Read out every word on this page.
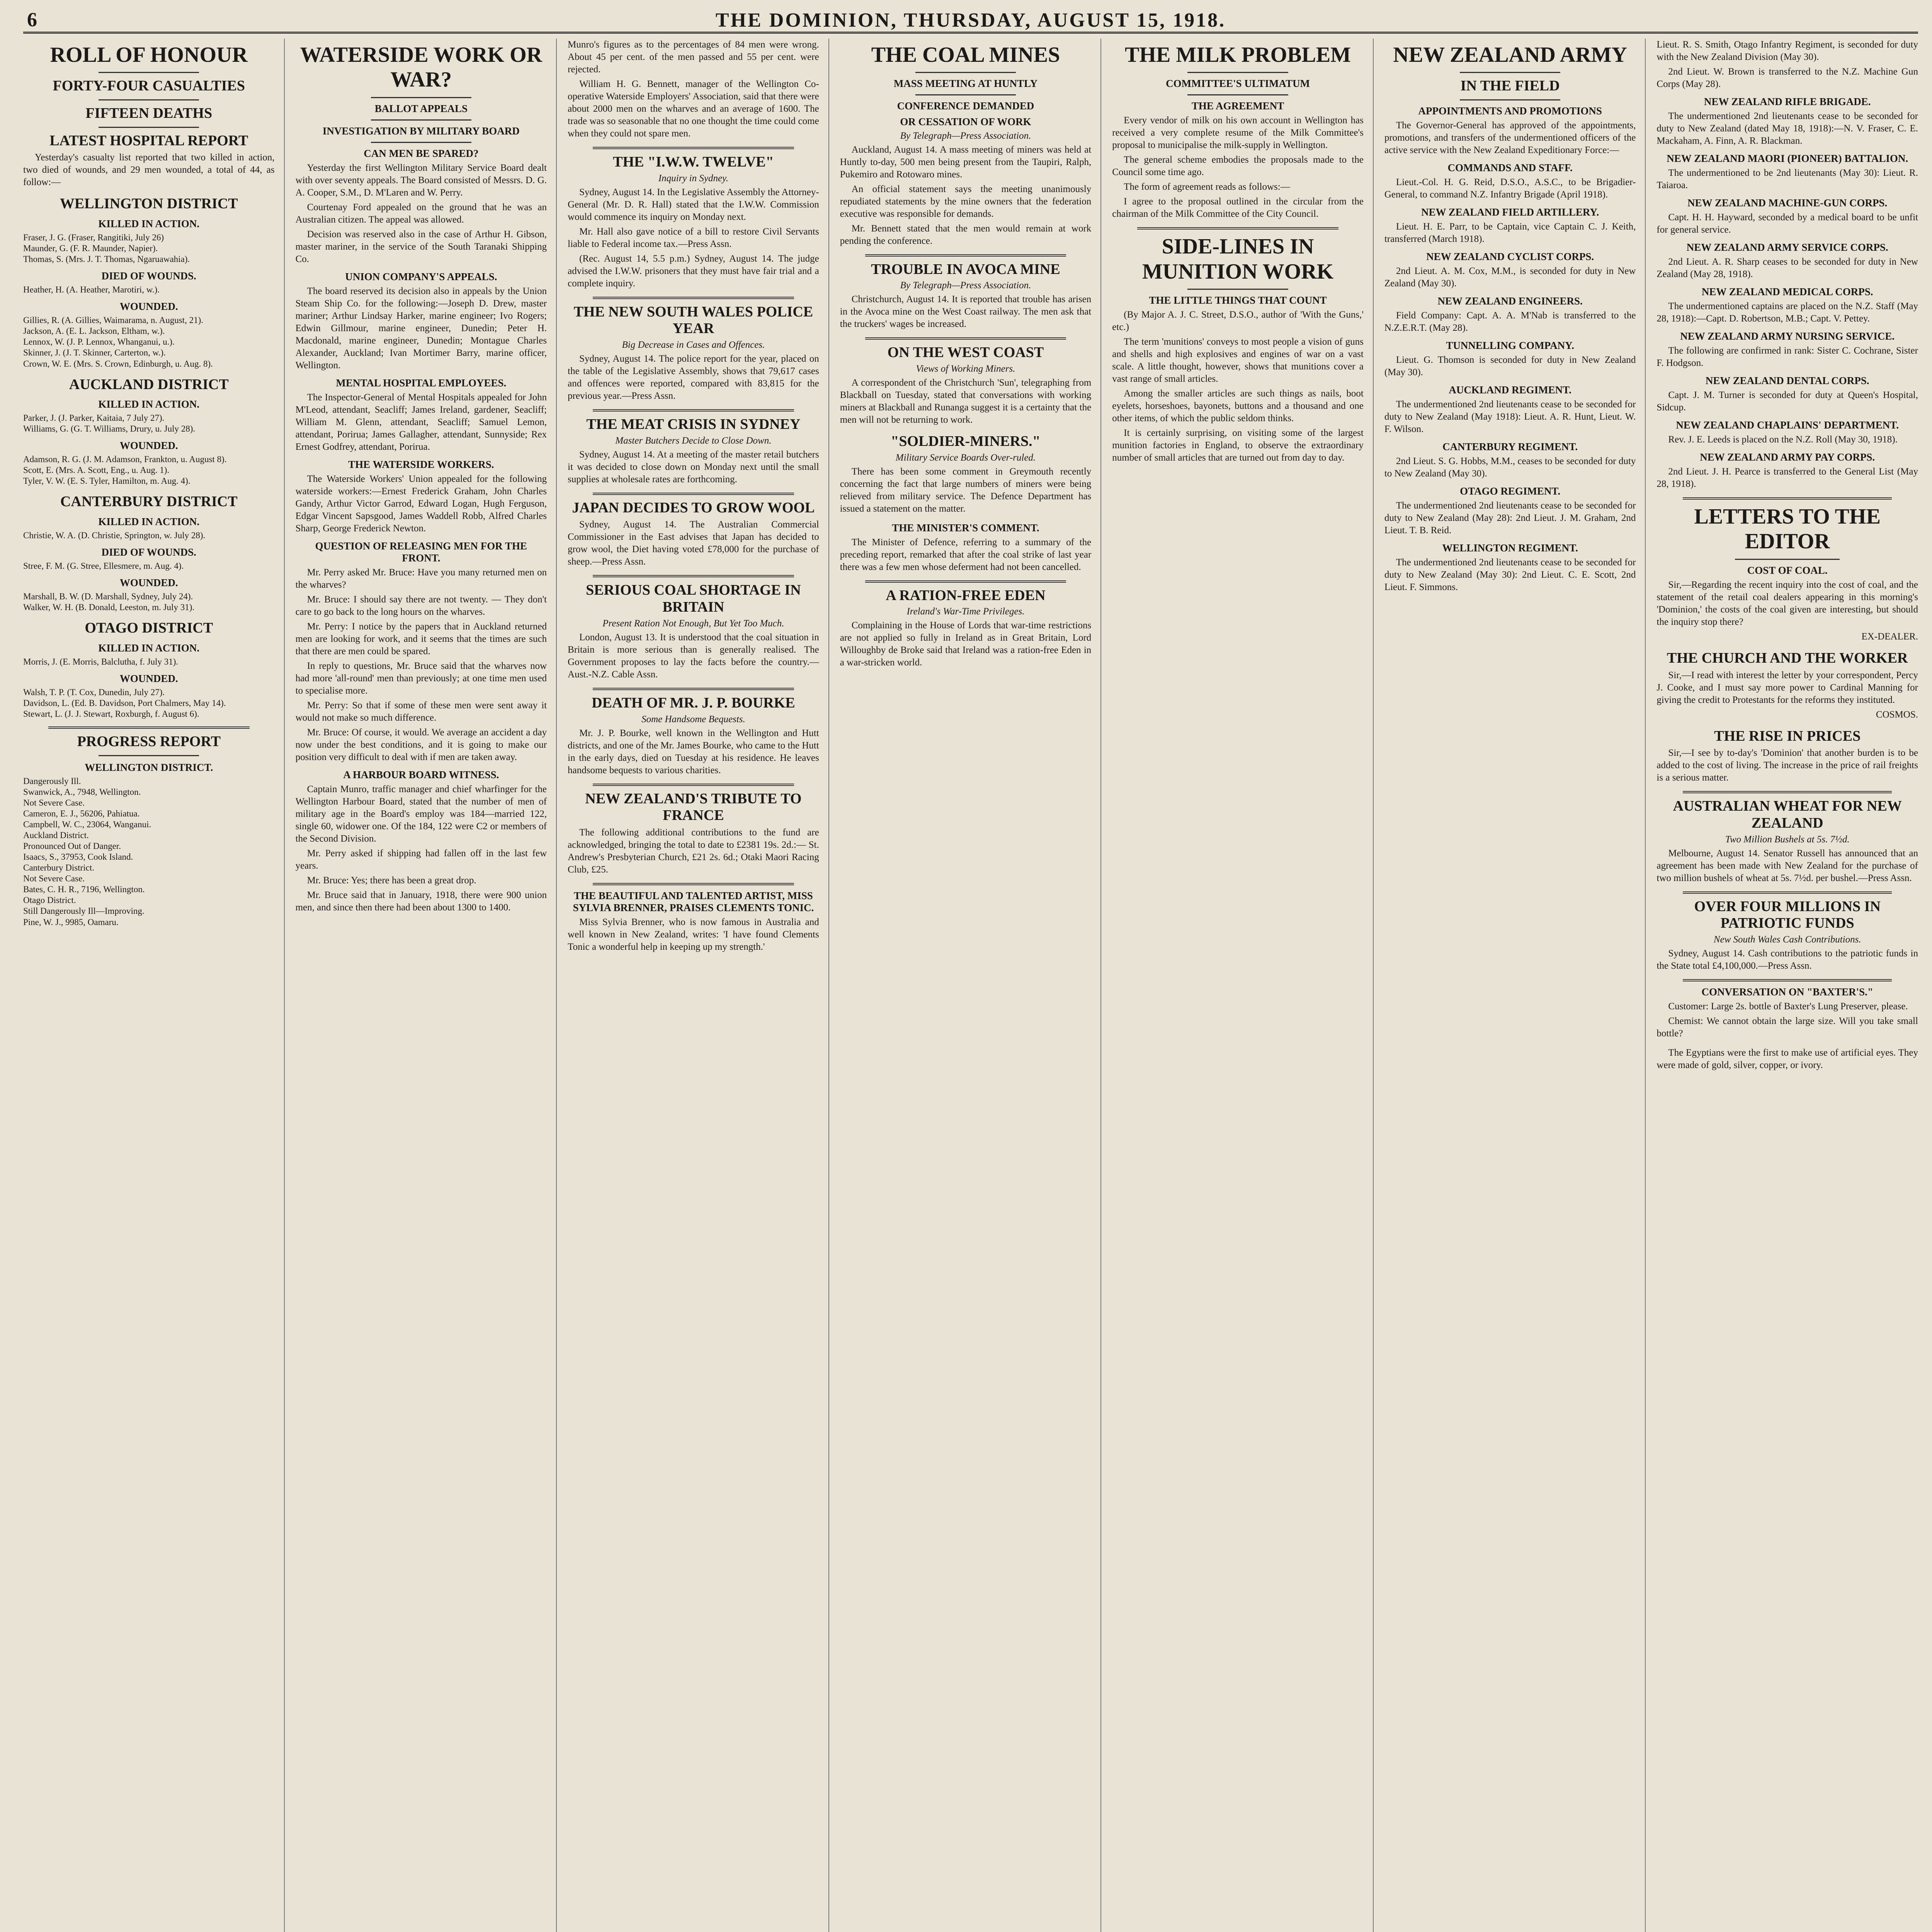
6	THE DOMINION, THURSDAY, AUGUST 15, 1918.
ROLL OF HONOUR
FORTY-FOUR CASUALTIES
FIFTEEN DEATHS
LATEST HOSPITAL REPORT

Yesterday's casualty list reported that two killed in action, two died of wounds, and 29 men wounded, a total of 44, as follow:—

WELLINGTON DISTRICT
KILLED IN ACTION.
Fraser, J. G. (Fraser, Rangitiki, July 26)
Maunder, G. (F. R. Maunder, Napier).
Thomas, S. (Mrs. J. T. Thomas, Ngaruawahia).
DIED OF WOUNDS.
Heather, H. (A. Heather, Marotiri, w.).
WOUNDED.
Gillies, R. (A. Gillies, Waimarama, n. August, 21).
Jackson, A. (E. L. Jackson, Eltham, w.).
Lennox, W. (J. P. Lennox, Whanganui, u.).
Skinner, J. (J. T. Skinner, Carterton, w.).
Crown, W. E. (Mrs. S. Crown, Edinburgh, u. Aug. 8).
AUCKLAND DISTRICT
KILLED IN ACTION.
Parker, J. (J. Parker, Kaitaia, 7 July 27).
Williams, G. (G. T. Williams, Drury, u. July 28).
WOUNDED.
Adamson, R. G. (J. M. Adamson, Frankton, u. August 8).
Scott, E. (Mrs. A. Scott, Eng., u. Aug. 1).
Tyler, V. W. (E. S. Tyler, Hamilton, m. Aug. 4).
CANTERBURY DISTRICT
KILLED IN ACTION.
Christie, W. A. (D. Christie, Springton, w. July 28).
DIED OF WOUNDS.
Stree, F. M. (G. Stree, Ellesmere, m. Aug. 4).
WOUNDED.
Marshall, B. W. (D. Marshall, Sydney, July 24).
Walker, W. H. (B. Donald, Leeston, m. July 31).
OTAGO DISTRICT
KILLED IN ACTION.
Morris, J. (E. Morris, Balclutha, f. July 31).
WOUNDED.
Walsh, T. P. (T. Cox, Dunedin, July 27).
Davidson, L. (Ed. B. Davidson, Port Chalmers, May 14).
Stewart, L. (J. J. Stewart, Roxburgh, f. August 6).
PROGRESS REPORT
WELLINGTON DISTRICT.
Dangerously Ill.
Swanwick, A., 7948, Wellington.
Not Severe Case.
Cameron, E. J., 56206, Pahiatua.
Campbell, W. C., 23064, Wanganui.
Auckland District.
Pronounced Out of Danger.
Isaacs, S., 37953, Cook Island.
Canterbury District.
Not Severe Case.
Bates, C. H. R., 7196, Wellington.
Otago District.
Still Dangerously Ill—Improving.
Pine, W. J., 9985, Oamaru.
WATERSIDE WORK OR WAR?
BALLOT APPEALS
INVESTIGATION BY MILITARY BOARD
CAN MEN BE SPARED?

Yesterday the first Wellington Military Service Board dealt with over seventy appeals. The Board consisted of Messrs. D. G. A. Cooper, S.M., D. M'Laren and W. Perry.

Courtenay Ford appealed on the ground that he was an Australian citizen. The appeal was allowed.

Decision was reserved also in the case of Arthur H. Gibson, master mariner, in the service of the South Taranaki Shipping Co.

UNION COMPANY'S APPEALS.

The board reserved its decision also in appeals by the Union Steam Ship Co. for the following:—Joseph D. Drew, master mariner; Arthur Lindsay Harker, marine engineer; Ivo Rogers; Edwin Gillmour, marine engineer, Dunedin; Peter H. Macdonald, marine engineer, Dunedin; Montague Charles Alexander, Auckland; Ivan Mortimer Barry, marine officer, Wellington.

MENTAL HOSPITAL EMPLOYEES.

The Inspector-General of Mental Hospitals appealed for John M'Leod, attendant, Seacliff; James Ireland, gardener, Seacliff; William M. Glenn, attendant, Seacliff; Samuel Lemon, attendant, Porirua; James Gallagher, attendant, Sunnyside; Rex Ernest Godfrey, attendant, Porirua.

THE WATERSIDE WORKERS.

The Waterside Workers' Union appealed for the following waterside workers:—Ernest Frederick Graham, John Charles Gandy, Arthur Victor Garrod, Edward Logan, Hugh Ferguson, Edgar Vincent Sapsgood, James Waddell Robb, Alfred Charles Sharp, George Frederick Newton.

QUESTION OF RELEASING MEN FOR THE FRONT.

Mr. Perry asked Mr. Bruce: Have you many returned men on the wharves?

Mr. Bruce: I should say there are not twenty. — They don't care to go back to the long hours on the wharves.

Mr. Perry: I notice by the papers that in Auckland returned men are looking for work, and it seems that the times are such that there are men could be spared.

In reply to questions, Mr. Bruce said that the wharves now had more 'all-round' men than previously; at one time men used to specialise more.

Mr. Perry: So that if some of these men were sent away it would not make so much difference.

Mr. Bruce: Of course, it would. We average an accident a day now under the best conditions, and it is going to make our position very difficult to deal with if men are taken away.

A HARBOUR BOARD WITNESS.

Captain Munro, traffic manager and chief wharfinger for the Wellington Harbour Board, stated that the number of men of military age in the Board's employ was 184—married 122, single 60, widower one. Of the 184, 122 were C2 or members of the Second Division.

Mr. Perry asked if shipping had fallen off in the last few years.

Mr. Bruce: Yes; there has been a great drop.

Mr. Bruce said that in January, 1918, there were 900 union men, and since then there had been about 1300 to 1400.

Munro's figures as to the percentages of 84 men were wrong. About 45 per cent. of the men passed and 55 per cent. were rejected.

William H. G. Bennett, manager of the Wellington Co-operative Waterside Employers' Association, said that there were about 2000 men on the wharves and an average of 1600. The trade was so seasonable that no one thought the time could come when they could not spare men.

THE "I.W.W. TWELVE"
Inquiry in Sydney.

Sydney, August 14. In the Legislative Assembly the Attorney-General (Mr. D. R. Hall) stated that the I.W.W. Commission would commence its inquiry on Monday next.

Mr. Hall also gave notice of a bill to restore Civil Servants liable to Federal income tax.—Press Assn.

(Rec. August 14, 5.5 p.m.) Sydney, August 14. The judge advised the I.W.W. prisoners that they must have fair trial and a complete inquiry.

THE NEW SOUTH WALES POLICE YEAR
Big Decrease in Cases and Offences.

Sydney, August 14. The police report for the year, placed on the table of the Legislative Assembly, shows that 79,617 cases and offences were reported, compared with 83,815 for the previous year.—Press Assn.

THE MEAT CRISIS IN SYDNEY
Master Butchers Decide to Close Down.

Sydney, August 14. At a meeting of the master retail butchers it was decided to close down on Monday next until the small supplies at wholesale rates are forthcoming.

JAPAN DECIDES TO GROW WOOL

Sydney, August 14. The Australian Commercial Commissioner in the East advises that Japan has decided to grow wool, the Diet having voted £78,000 for the purchase of sheep.—Press Assn.

SERIOUS COAL SHORTAGE IN BRITAIN
Present Ration Not Enough, But Yet Too Much.

London, August 13. It is understood that the coal situation in Britain is more serious than is generally realised. The Government proposes to lay the facts before the country.—Aust.-N.Z. Cable Assn.

DEATH OF MR. J. P. BOURKE
Some Handsome Bequests.

Mr. J. P. Bourke, well known in the Wellington and Hutt districts, and one of the Mr. James Bourke, who came to the Hutt in the early days, died on Tuesday at his residence. He leaves handsome bequests to various charities.

NEW ZEALAND'S TRIBUTE TO FRANCE

The following additional contributions to the fund are acknowledged, bringing the total to date to £2381 19s. 2d.:— St. Andrew's Presbyterian Church, £21 2s. 6d.; Otaki Maori Racing Club, £25.

THE BEAUTIFUL AND TALENTED ARTIST, MISS SYLVIA BRENNER, PRAISES CLEMENTS TONIC.

Miss Sylvia Brenner, who is now famous in Australia and well known in New Zealand, writes: 'I have found Clements Tonic a wonderful help in keeping up my strength.'

THE COAL MINES
MASS MEETING AT HUNTLY
CONFERENCE DEMANDED
OR CESSATION OF WORK
By Telegraph—Press Association.

Auckland, August 14. A mass meeting of miners was held at Huntly to-day, 500 men being present from the Taupiri, Ralph, Pukemiro and Rotowaro mines.

An official statement says the meeting unanimously repudiated statements by the mine owners that the federation executive was responsible for demands.

Mr. Bennett stated that the men would remain at work pending the conference.

TROUBLE IN AVOCA MINE
By Telegraph—Press Association.

Christchurch, August 14. It is reported that trouble has arisen in the Avoca mine on the West Coast railway. The men ask that the truckers' wages be increased.

ON THE WEST COAST
Views of Working Miners.

A correspondent of the Christchurch 'Sun', telegraphing from Blackball on Tuesday, stated that conversations with working miners at Blackball and Runanga suggest it is a certainty that the men will not be returning to work.

"SOLDIER-MINERS."
Military Service Boards Over-ruled.

There has been some comment in Greymouth recently concerning the fact that large numbers of miners were being relieved from military service. The Defence Department has issued a statement on the matter.

THE MINISTER'S COMMENT.

The Minister of Defence, referring to a summary of the preceding report, remarked that after the coal strike of last year there was a few men whose deferment had not been cancelled.

A RATION-FREE EDEN
Ireland's War-Time Privileges.

Complaining in the House of Lords that war-time restrictions are not applied so fully in Ireland as in Great Britain, Lord Willoughby de Broke said that Ireland was a ration-free Eden in a war-stricken world.

THE MILK PROBLEM
COMMITTEE'S ULTIMATUM
THE AGREEMENT

Every vendor of milk on his own account in Wellington has received a very complete resume of the Milk Committee's proposal to municipalise the milk-supply in Wellington.

The general scheme embodies the proposals made to the Council some time ago.

The form of agreement reads as follows:—

I agree to the proposal outlined in the circular from the chairman of the Milk Committee of the City Council.

SIDE-LINES IN MUNITION WORK
THE LITTLE THINGS THAT COUNT

(By Major A. J. C. Street, D.S.O., author of 'With the Guns,' etc.)

The term 'munitions' conveys to most people a vision of guns and shells and high explosives and engines of war on a vast scale. A little thought, however, shows that munitions cover a vast range of small articles.

Among the smaller articles are such things as nails, boot eyelets, horseshoes, bayonets, buttons and a thousand and one other items, of which the public seldom thinks.

It is certainly surprising, on visiting some of the largest munition factories in England, to observe the extraordinary number of small articles that are turned out from day to day.

NEW ZEALAND ARMY
IN THE FIELD
APPOINTMENTS AND PROMOTIONS

The Governor-General has approved of the appointments, promotions, and transfers of the undermentioned officers of the active service with the New Zealand Expeditionary Force:—

COMMANDS AND STAFF.

Lieut.-Col. H. G. Reid, D.S.O., A.S.C., to be Brigadier-General, to command N.Z. Infantry Brigade (April 1918).

NEW ZEALAND FIELD ARTILLERY.

Lieut. H. E. Parr, to be Captain, vice Captain C. J. Keith, transferred (March 1918).

NEW ZEALAND CYCLIST CORPS.

2nd Lieut. A. M. Cox, M.M., is seconded for duty in New Zealand (May 30).

NEW ZEALAND ENGINEERS.

Field Company: Capt. A. A. M'Nab is transferred to the N.Z.E.R.T. (May 28).

TUNNELLING COMPANY.

Lieut. G. Thomson is seconded for duty in New Zealand (May 30).

AUCKLAND REGIMENT.

The undermentioned 2nd lieutenants cease to be seconded for duty to New Zealand (May 1918): Lieut. A. R. Hunt, Lieut. W. F. Wilson.

CANTERBURY REGIMENT.

2nd Lieut. S. G. Hobbs, M.M., ceases to be seconded for duty to New Zealand (May 30).

OTAGO REGIMENT.

The undermentioned 2nd lieutenants cease to be seconded for duty to New Zealand (May 28): 2nd Lieut. J. M. Graham, 2nd Lieut. T. B. Reid.

WELLINGTON REGIMENT.

The undermentioned 2nd lieutenants cease to be seconded for duty to New Zealand (May 30): 2nd Lieut. C. E. Scott, 2nd Lieut. F. Simmons.

Lieut. R. S. Smith, Otago Infantry Regiment, is seconded for duty with the New Zealand Division (May 30).

2nd Lieut. W. Brown is transferred to the N.Z. Machine Gun Corps (May 28).

NEW ZEALAND RIFLE BRIGADE.

The undermentioned 2nd lieutenants cease to be seconded for duty to New Zealand (dated May 18, 1918):—N. V. Fraser, C. E. Mackaham, A. Finn, A. R. Blackman.

NEW ZEALAND MAORI (PIONEER) BATTALION.

The undermentioned to be 2nd lieutenants (May 30): Lieut. R. Taiaroa.

NEW ZEALAND MACHINE-GUN CORPS.

Capt. H. H. Hayward, seconded by a medical board to be unfit for general service.

NEW ZEALAND ARMY SERVICE CORPS.

2nd Lieut. A. R. Sharp ceases to be seconded for duty in New Zealand (May 28, 1918).

NEW ZEALAND MEDICAL CORPS.

The undermentioned captains are placed on the N.Z. Staff (May 28, 1918):—Capt. D. Robertson, M.B.; Capt. V. Pettey.

NEW ZEALAND ARMY NURSING SERVICE.

The following are confirmed in rank: Sister C. Cochrane, Sister F. Hodgson.

NEW ZEALAND DENTAL CORPS.

Capt. J. M. Turner is seconded for duty at Queen's Hospital, Sidcup.

NEW ZEALAND CHAPLAINS' DEPARTMENT.

Rev. J. E. Leeds is placed on the N.Z. Roll (May 30, 1918).

NEW ZEALAND ARMY PAY CORPS.

2nd Lieut. J. H. Pearce is transferred to the General List (May 28, 1918).

LETTERS TO THE EDITOR
COST OF COAL.

Sir,—Regarding the recent inquiry into the cost of coal, and the statement of the retail coal dealers appearing in this morning's 'Dominion,' the costs of the coal given are interesting, but should the inquiry stop there?

EX-DEALER.

THE CHURCH AND THE WORKER

Sir,—I read with interest the letter by your correspondent, Percy J. Cooke, and I must say more power to Cardinal Manning for giving the credit to Protestants for the reforms they instituted.

COSMOS.

THE RISE IN PRICES

Sir,—I see by to-day's 'Dominion' that another burden is to be added to the cost of living. The increase in the price of rail freights is a serious matter.

AUSTRALIAN WHEAT FOR NEW ZEALAND
Two Million Bushels at 5s. 7½d.

Melbourne, August 14. Senator Russell has announced that an agreement has been made with New Zealand for the purchase of two million bushels of wheat at 5s. 7½d. per bushel.—Press Assn.

OVER FOUR MILLIONS IN PATRIOTIC FUNDS
New South Wales Cash Contributions.

Sydney, August 14. Cash contributions to the patriotic funds in the State total £4,100,000.—Press Assn.

CONVERSATION ON "BAXTER'S."

Customer: Large 2s. bottle of Baxter's Lung Preserver, please.

Chemist: We cannot obtain the large size. Will you take small bottle?

The Egyptians were the first to make use of artificial eyes. They were made of gold, silver, copper, or ivory.
